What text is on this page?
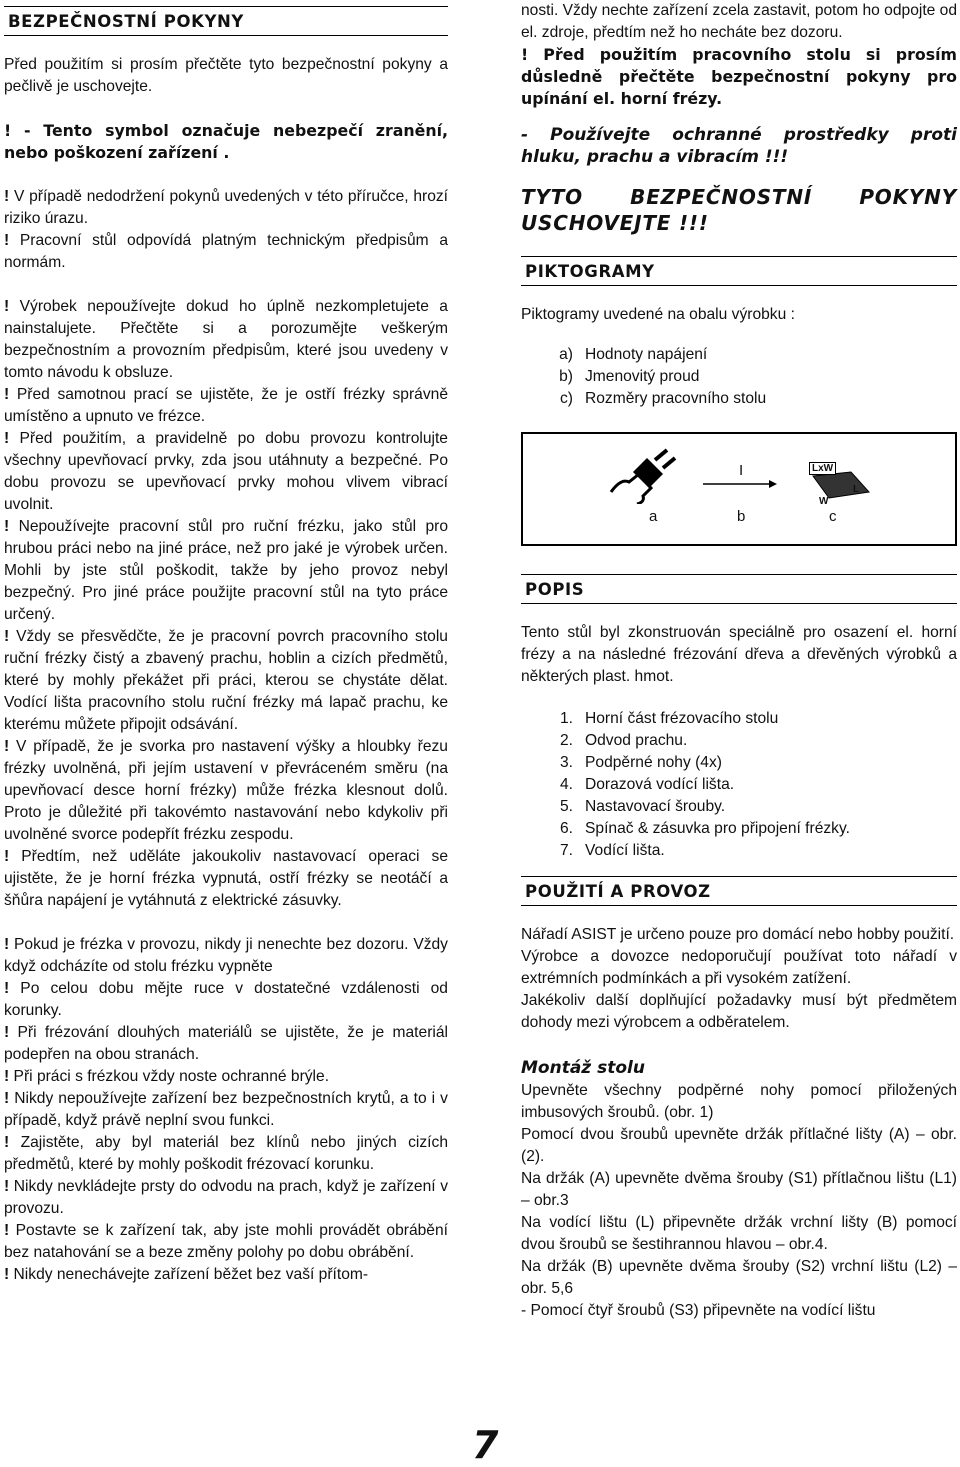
BEZPEČNOSTNÍ POKYNY

Před použitím si prosím přečtěte tyto bezpečnostní pokyny a pečlivě je uschovejte.

! - Tento symbol označuje nebezpečí zranění, nebo poškození zařízení .

! V případě nedodržení pokynů uvedených v této příručce, hrozí riziko úrazu.

! Pracovní stůl odpovídá platným technickým předpisům a normám.

! Výrobek nepoužívejte dokud ho úplně nezkompletujete a nainstalujete. Přečtěte si a porozumějte veškerým bezpečnostním a provozním předpisům, které jsou uvedeny v tomto návodu k obsluze.

! Před samotnou prací se ujistěte, že je ostří frézky správně umístěno a upnuto ve frézce.

! Před použitím, a pravidelně po dobu provozu kontrolujte všechny upevňovací prvky, zda jsou utáhnuty a bezpečné. Po dobu provozu se upevňovací prvky mohou vlivem vibrací uvolnit.

! Nepoužívejte pracovní stůl pro ruční frézku, jako stůl pro hrubou práci nebo na jiné práce, než pro jaké je výrobek určen. Mohli by jste stůl poškodit, takže by jeho provoz nebyl bezpečný. Pro jiné práce použijte pracovní stůl na tyto práce určený.

! Vždy se přesvědčte, že je pracovní povrch pracovního stolu ruční frézky čistý a zbavený prachu, hoblin a cizích předmětů, které by mohly překážet při práci, kterou se chystáte dělat. Vodící lišta pracovního stolu ruční frézky má lapač prachu, ke kterému můžete připojit odsávání.

! V případě, že je svorka pro nastavení výšky a hloubky řezu frézky uvolněná, při jejím ustavení v převráceném směru (na upevňovací desce horní frézky) může frézka klesnout dolů. Proto je důležité při takovémto nastavování nebo kdykoliv při uvolněné svorce podepřít frézku zespodu.

! Předtím, než uděláte jakoukoliv nastavovací operaci se ujistěte, že je horní frézka vypnutá, ostří frézky se neotáčí a šňůra napájení je vytáhnutá z elektrické zásuvky.

! Pokud je frézka v provozu, nikdy ji nenechte bez dozoru. Vždy když odcházíte od stolu frézku vypněte

! Po celou dobu mějte ruce v dostatečné vzdálenosti od korunky.

! Při frézování dlouhých materiálů se ujistěte, že je materiál podepřen na obou stranách.

! Při práci s frézkou vždy noste ochranné brýle.

! Nikdy nepoužívejte zařízení bez bezpečnostních krytů, a to i v případě, když právě neplní svou funkci.

! Zajistěte, aby byl materiál bez klínů nebo jiných cizích předmětů, které by mohly poškodit frézovací korunku.

! Nikdy nevkládejte prsty do odvodu na prach, když je zařízení v provozu.

! Postavte se k zařízení tak, aby jste mohli provádět obrábění bez natahování se a beze změny polohy po dobu obrábění.

! Nikdy nenechávejte zařízení běžet bez vaší přítom-

nosti. Vždy nechte zařízení zcela zastavit, potom ho odpojte od el. zdroje, předtím než ho necháte bez dozoru.

! Před použitím pracovního stolu si prosím důsledně přečtěte bezpečnostní pokyny pro upínání el. horní frézy.

- Používejte ochranné prostředky proti hluku, prachu a vibracím !!!

TYTO BEZPEČNOSTNÍ POKYNY USCHOVEJTE !!!

PIKTOGRAMY

Piktogramy uvedené na obalu výrobku :

a) Hodnoty napájení
b) Jmenovitý proud
c) Rozměry pracovního stolu
I	LxW
W
L
a	b	c
POPIS

Tento stůl byl zkonstruován speciálně pro osazení el. horní frézy a na následné frézování dřeva a dřevěných výrobků a některých plast. hmot.

1. Horní část frézovacího stolu
2. Odvod prachu.
3. Podpěrné nohy (4x)
4. Dorazová vodící lišta.
5. Nastavovací šrouby.
6. Spínač & zásuvka pro připojení frézky.
7. Vodící lišta.
POUŽITÍ A PROVOZ

Nářadí ASIST je určeno pouze pro domácí nebo hobby použití.

Výrobce a dovozce nedoporučují používat toto nářadí v extrémních podmínkách a při vysokém zatížení.

Jakékoliv další doplňující požadavky musí být předmětem dohody mezi výrobcem a odběratelem.

Montáž stolu

Upevněte všechny podpěrné nohy pomocí přiložených imbusových šroubů. (obr. 1)

Pomocí dvou šroubů upevněte držák přítlačné lišty (A) – obr.(2).

Na držák (A) upevněte dvěma šrouby (S1) přítlačnou lištu (L1) – obr.3

Na vodící lištu (L) připevněte držák vrchní lišty (B) pomocí dvou šroubů se šestihrannou hlavou – obr.4.

Na držák (B) upevněte dvěma šrouby (S2) vrchní lištu (L2) – obr. 5,6

- Pomocí čtyř šroubů (S3) připevněte na vodící lištu

7
